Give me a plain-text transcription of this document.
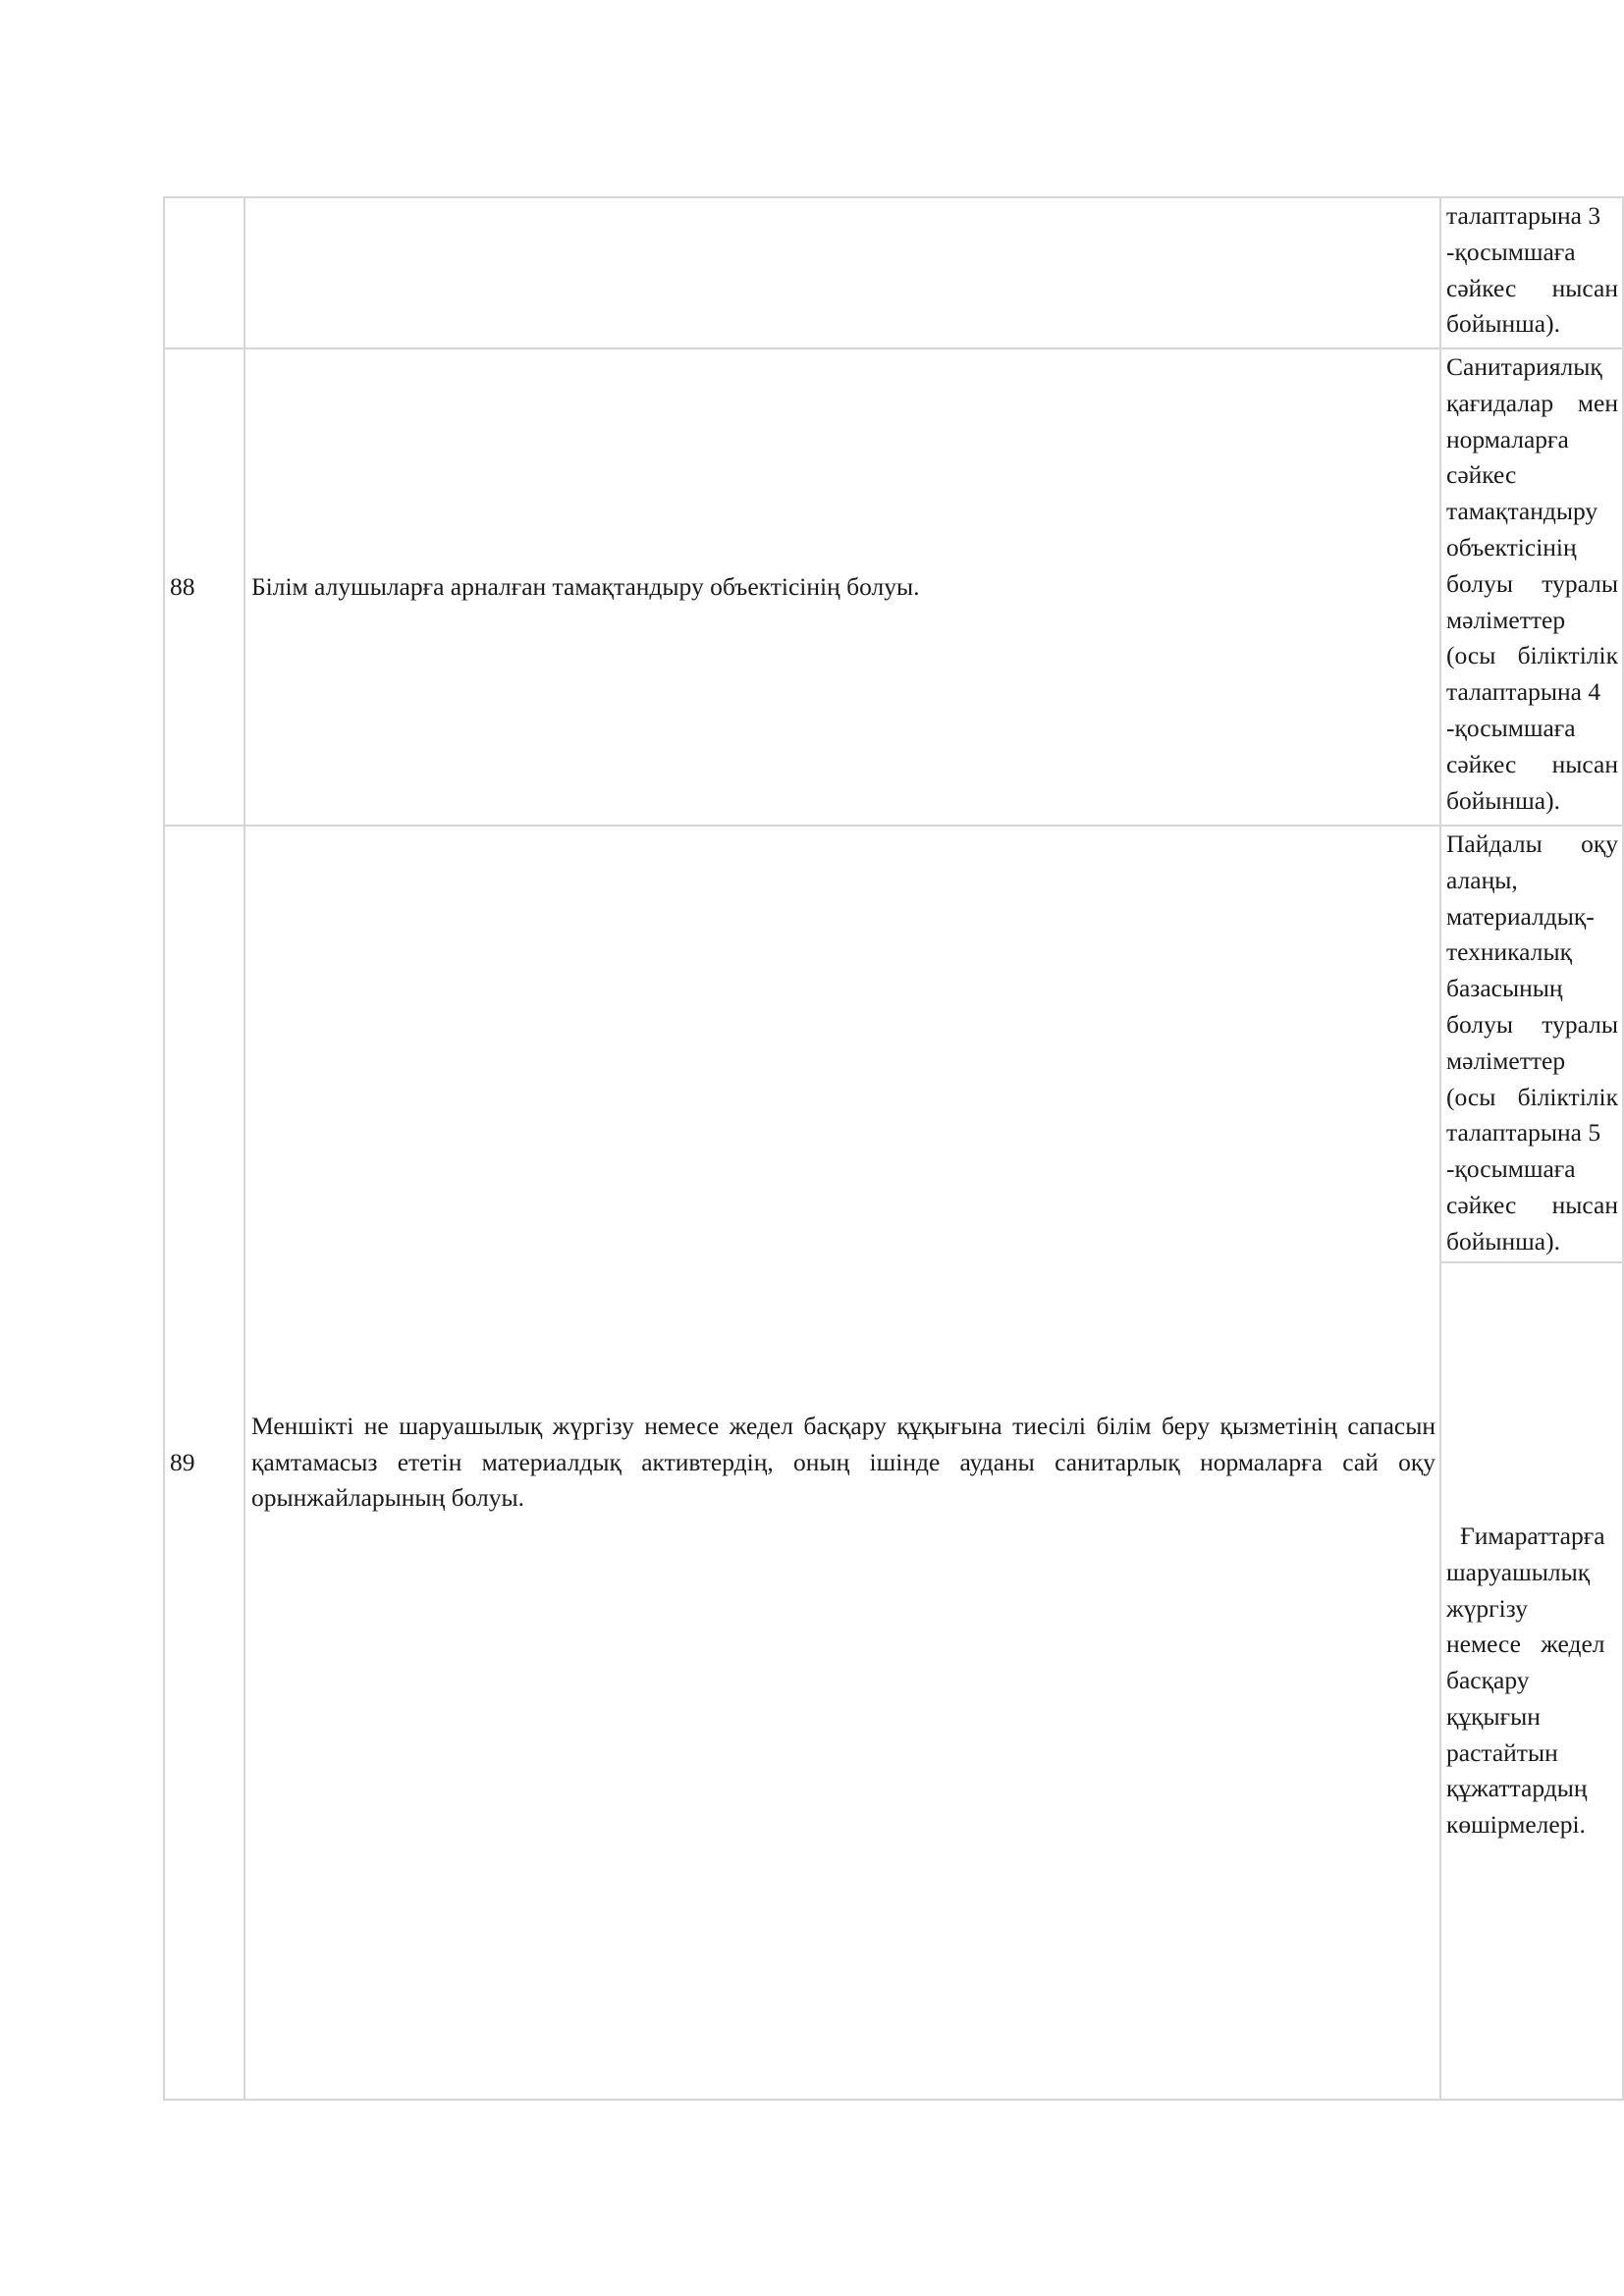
талаптарына 3
-қосымшаға
сәйкес нысан
бойынша).
88 Білім алушыларға арналған тамақтандыру объектісінің болуы.
Санитариялық
қағидалар мен
нормаларға
сәйкес
тамақтандыру
объектісінің
болуы туралы
мәліметтер
(осы біліктілік
талаптарына 4
-қосымшаға
сәйкес нысан
бойынша).
89
Меншікті не шаруашылық жүргізу немесе жедел басқару құқығына тиесілі білім беру қызметінің сапасын қамтамасыз ететін материалдық активтердің, оның ішінде ауданы санитарлық нормаларға сай оқу орынжайларының болуы.
Пайдалы оқу
алаңы,
материалдық-
техникалық
базасының
болуы туралы
мәліметтер
(осы біліктілік
талаптарына 5
-қосымшаға
сәйкес нысан
бойынша).
Ғимараттарға
шаруашылық
жүргізу
немесе жедел
басқару
құқығын
растайтын
құжаттардың
көшірмелері.
